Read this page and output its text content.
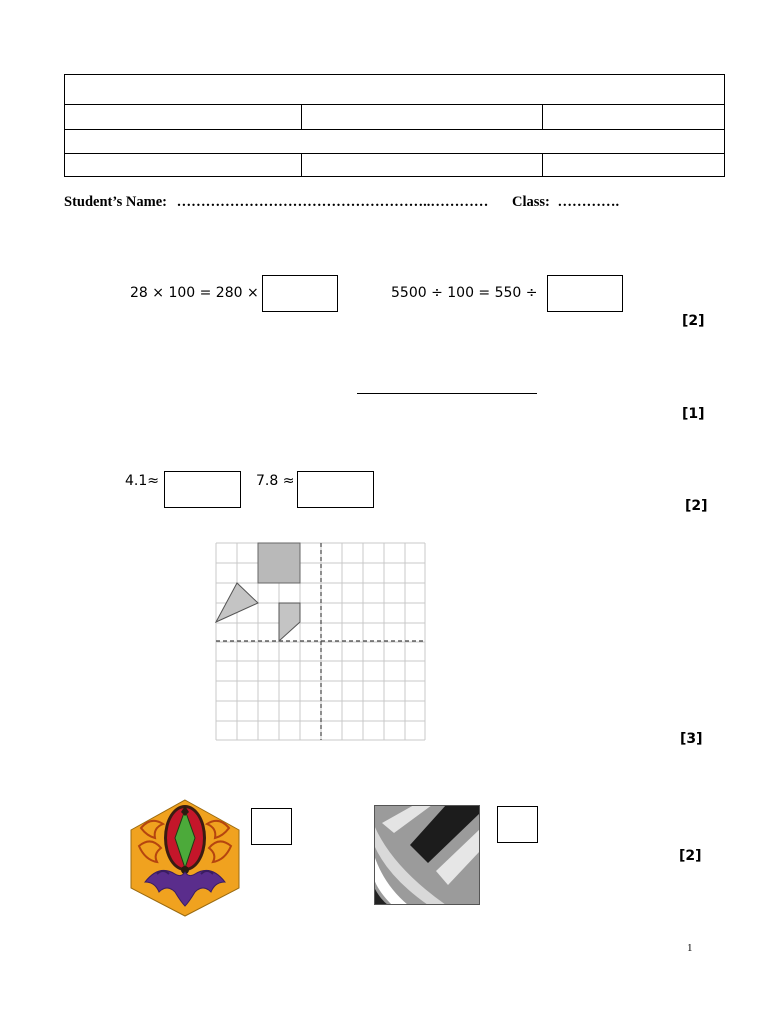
Student’s Name: ……………………………………………..………… Class: ………….
28 × 100 = 280 ×	5500 ÷ 100 = 550 ÷
[2]
[1]
4.1≈	7.8 ≈
[2]
[3]
[2]
1
